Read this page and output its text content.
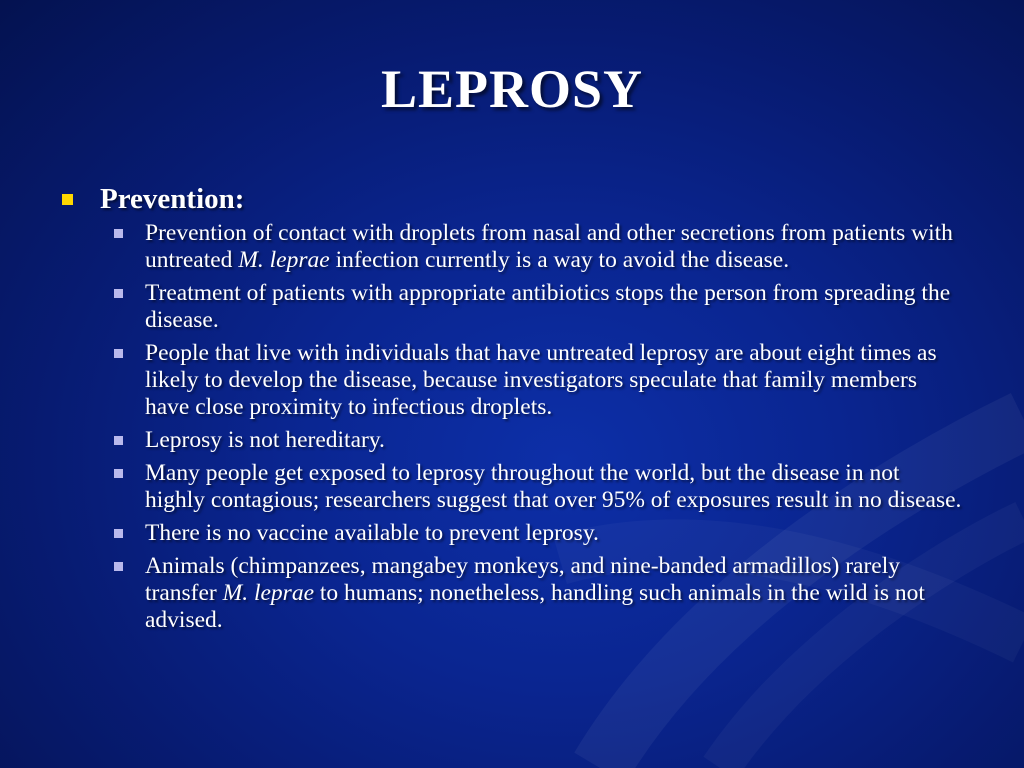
LEPROSY
Prevention:
Prevention of contact with droplets from nasal and other secretions from patients with untreated M. leprae infection currently is a way to avoid the disease.
Treatment of patients with appropriate antibiotics stops the person from spreading the disease.
People that live with individuals that have untreated leprosy are about eight times as likely to develop the disease, because investigators speculate that family members have close proximity to infectious droplets.
Leprosy is not hereditary.
Many people get exposed to leprosy throughout the world, but the disease in not highly contagious; researchers suggest that over 95% of exposures result in no disease.
There is no vaccine available to prevent leprosy.
Animals (chimpanzees, mangabey monkeys, and nine-banded armadillos) rarely transfer M. leprae to humans; nonetheless, handling such animals in the wild is not advised.
